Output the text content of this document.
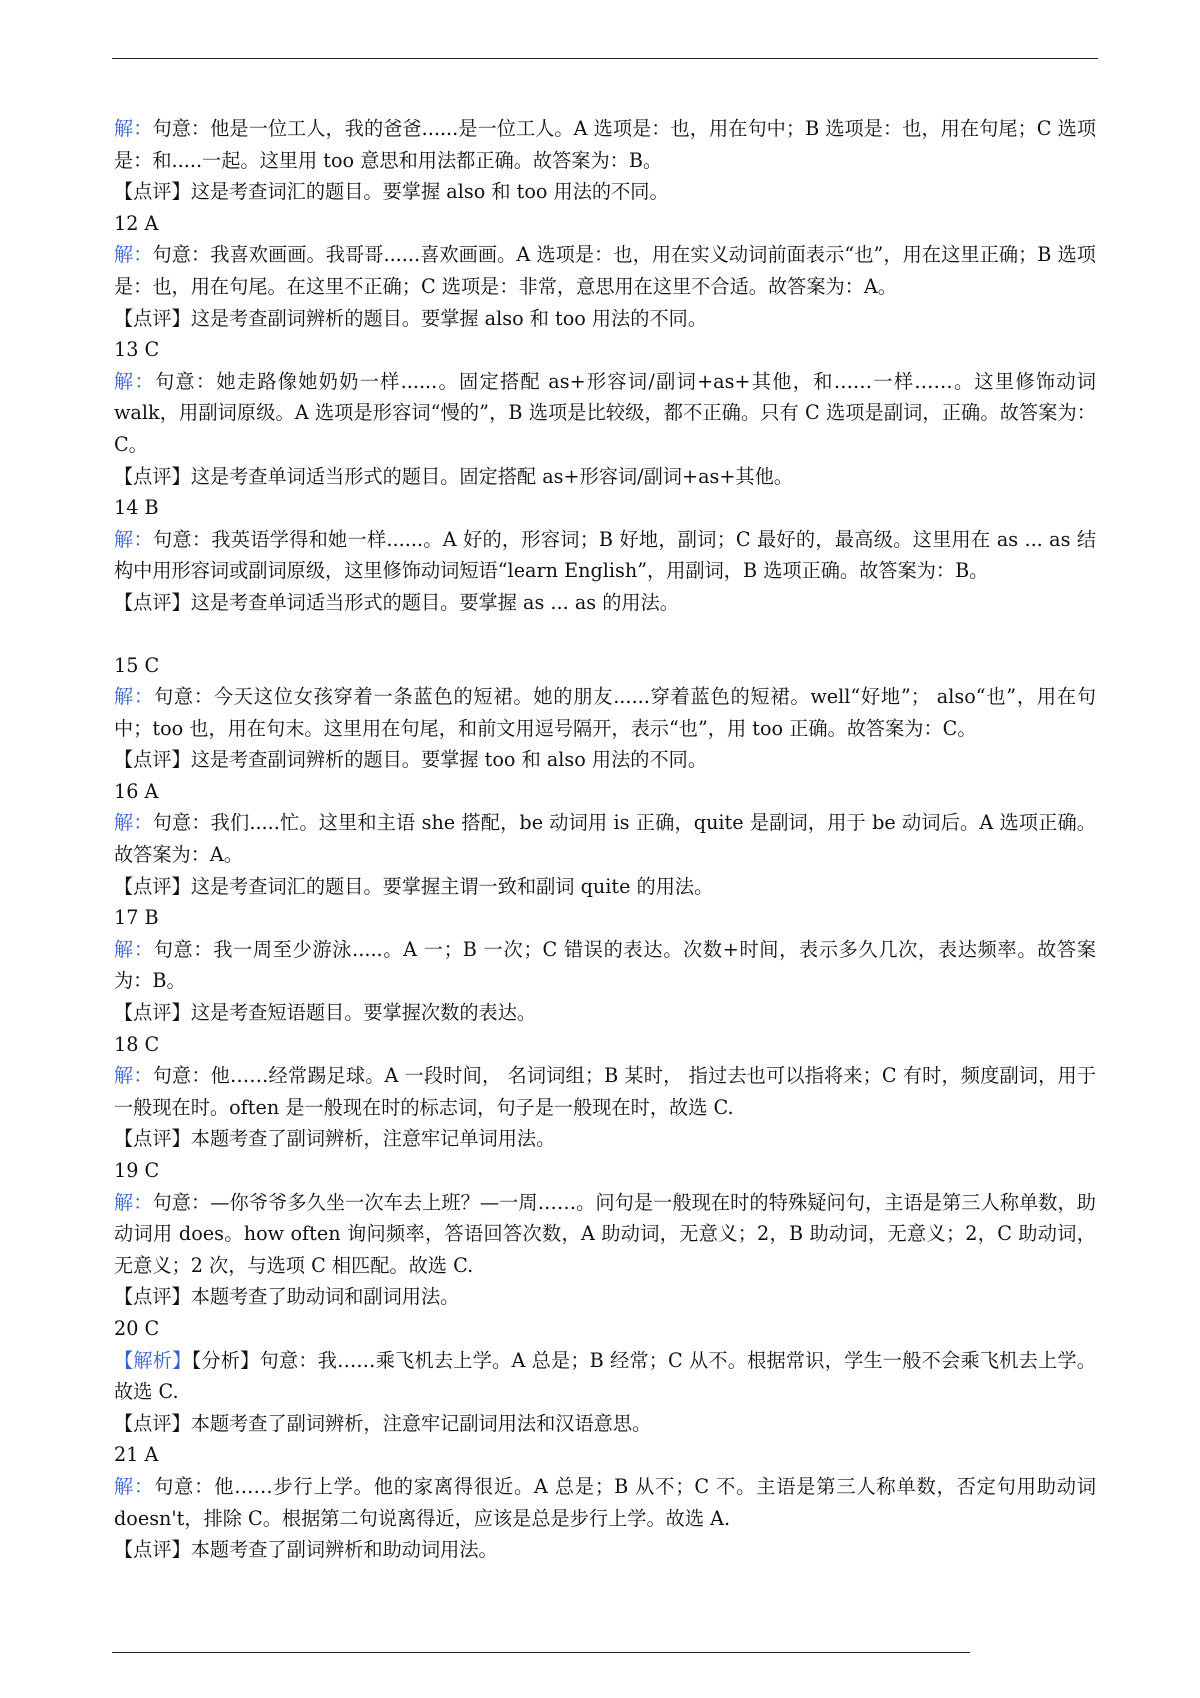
解：句意：他是一位工人，我的爸爸......是一位工人。A 选项是：也，用在句中；B 选项是：也，用在句尾；C 选项是：和.....一起。这里用 too 意思和用法都正确。故答案为：B。

【点评】这是考查词汇的题目。要掌握 also 和 too 用法的不同。

12 A

解：句意：我喜欢画画。我哥哥......喜欢画画。A 选项是：也，用在实义动词前面表示“也”，用在这里正确；B 选项是：也，用在句尾。在这里不正确；C 选项是：非常，意思用在这里不合适。故答案为：A。

【点评】这是考查副词辨析的题目。要掌握 also 和 too 用法的不同。

13 C

解：句意：她走路像她奶奶一样......。固定搭配 as+形容词/副词+as+其他，和……一样……。这里修饰动词 walk，用副词原级。A 选项是形容词“慢的”，B 选项是比较级，都不正确。只有 C 选项是副词，正确。故答案为：C。

【点评】这是考查单词适当形式的题目。固定搭配 as+形容词/副词+as+其他。

14 B

解：句意：我英语学得和她一样......。A 好的，形容词；B 好地，副词；C 最好的，最高级。这里用在 as ... as 结构中用形容词或副词原级，这里修饰动词短语“learn English”，用副词，B 选项正确。故答案为：B。

【点评】这是考查单词适当形式的题目。要掌握 as ... as 的用法。

15 C

解：句意：今天这位女孩穿着一条蓝色的短裙。她的朋友......穿着蓝色的短裙。well“好地”； also“也”，用在句中；too 也，用在句末。这里用在句尾，和前文用逗号隔开，表示“也”，用 too 正确。故答案为：C。

【点评】这是考查副词辨析的题目。要掌握 too 和 also 用法的不同。

16 A

解：句意：我们.....忙。这里和主语 she 搭配，be 动词用 is 正确，quite 是副词，用于 be 动词后。A 选项正确。故答案为：A。

【点评】这是考查词汇的题目。要掌握主谓一致和副词 quite 的用法。

17 B

解：句意：我一周至少游泳.....。A 一；B 一次；C 错误的表达。次数+时间，表示多久几次，表达频率。故答案为：B。

【点评】这是考查短语题目。要掌握次数的表达。

18 C

解：句意：他……经常踢足球。A 一段时间， 名词词组；B 某时， 指过去也可以指将来；C 有时，频度副词，用于一般现在时。often 是一般现在时的标志词，句子是一般现在时，故选 C.

【点评】本题考查了副词辨析，注意牢记单词用法。

19 C

解：句意：—你爷爷多久坐一次车去上班？—一周……。问句是一般现在时的特殊疑问句，主语是第三人称单数，助动词用 does。how often 询问频率，答语回答次数，A 助动词，无意义；2，B 助动词，无意义；2，C 助动词，无意义；2 次，与选项 C 相匹配。故选 C.

【点评】本题考查了助动词和副词用法。

20 C

【解析】【分析】句意：我……乘飞机去上学。A 总是；B 经常；C 从不。根据常识，学生一般不会乘飞机去上学。故选 C.

【点评】本题考查了副词辨析，注意牢记副词用法和汉语意思。

21 A

解：句意：他……步行上学。他的家离得很近。A 总是；B 从不；C 不。主语是第三人称单数，否定句用助动词 doesn't，排除 C。根据第二句说离得近，应该是总是步行上学。故选 A.

【点评】本题考查了副词辨析和助动词用法。
